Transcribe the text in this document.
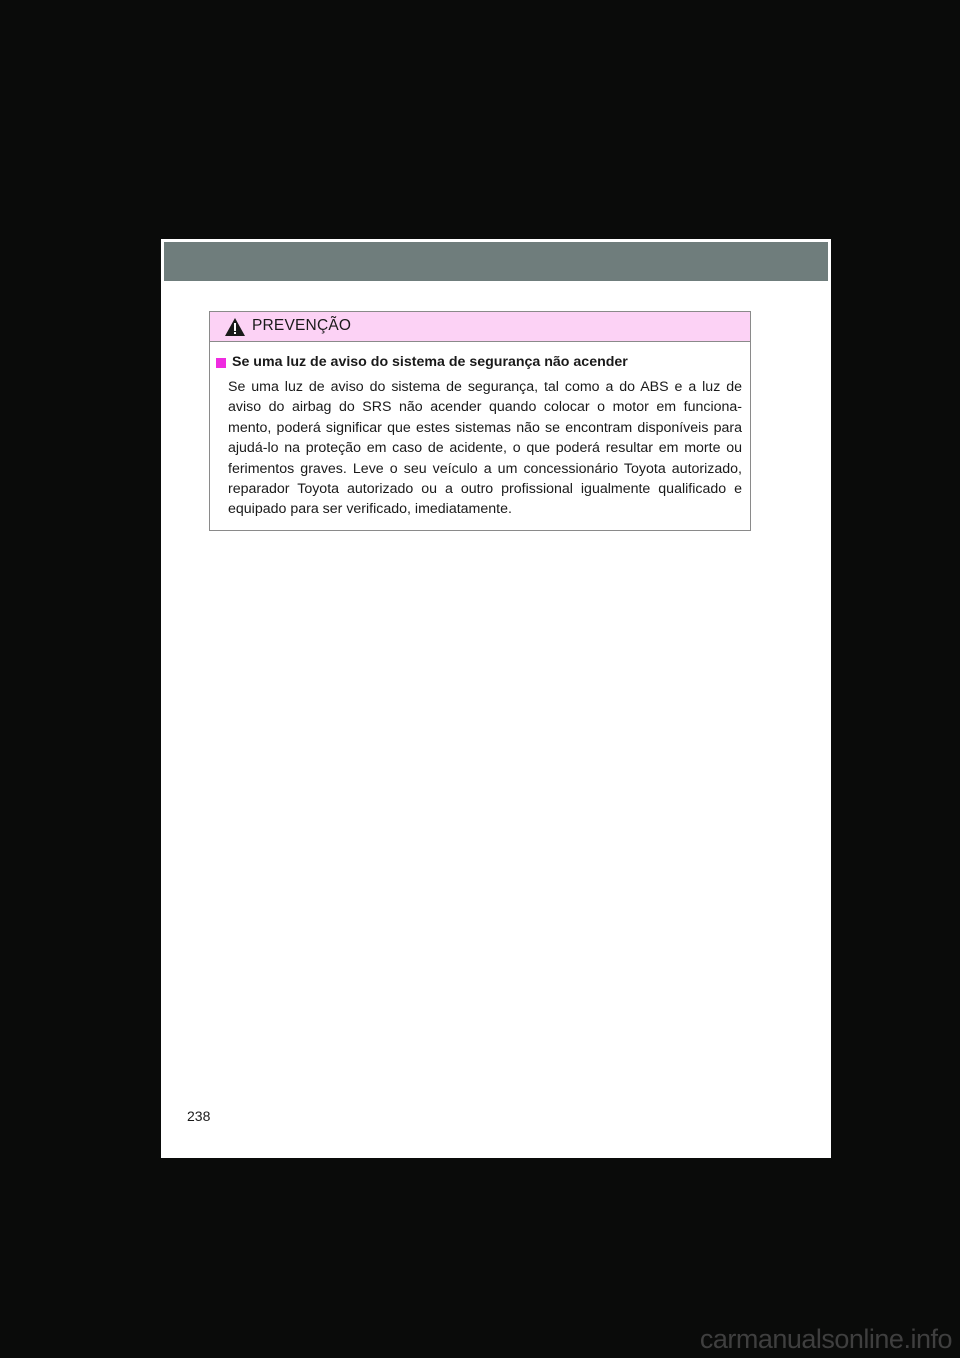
PREVENÇÃO
Se uma luz de aviso do sistema de segurança não acender
Se uma luz de aviso do sistema de segurança, tal como a do ABS e a luz de aviso do airbag do SRS não acender quando colocar o motor em funciona-mento, poderá significar que estes sistemas não se encontram disponíveis para ajudá-lo na proteção em caso de acidente, o que poderá resultar em morte ou ferimentos graves. Leve o seu veículo a um concessionário Toyota autorizado, reparador Toyota autorizado ou a outro profissional igualmente qualificado e equipado para ser verificado, imediatamente.
238
carmanualsonline.info
